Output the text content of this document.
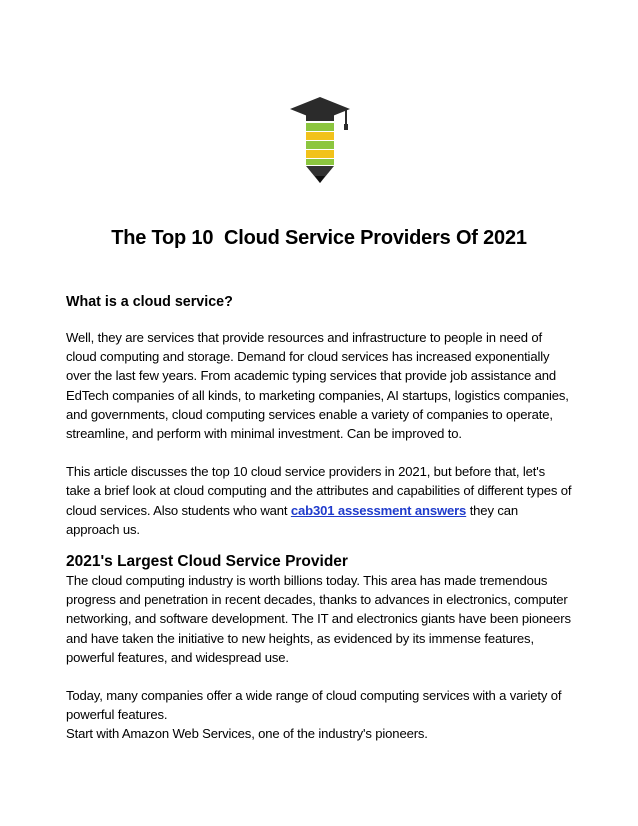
The Top 10  Cloud Service Providers Of 2021
What is a cloud service?

Well, they are services that provide resources and infrastructure to people in need of cloud computing and storage. Demand for cloud services has increased exponentially over the last few years. From academic typing services that provide job assistance and EdTech companies of all kinds, to marketing companies, AI startups, logistics companies, and governments, cloud computing services enable a variety of companies to operate, streamline, and perform with minimal investment. Can be improved to.

This article discusses the top 10 cloud service providers in 2021, but before that, let's take a brief look at cloud computing and the attributes and capabilities of different types of cloud services. Also students who want cab301 assessment answers they can approach us.

2021's Largest Cloud Service Provider

The cloud computing industry is worth billions today. This area has made tremendous progress and penetration in recent decades, thanks to advances in electronics, computer networking, and software development. The IT and electronics giants have been pioneers and have taken the initiative to new heights, as evidenced by its immense features, powerful features, and widespread use.

Today, many companies offer a wide range of cloud computing services with a variety of powerful features.

Start with Amazon Web Services, one of the industry's pioneers.
